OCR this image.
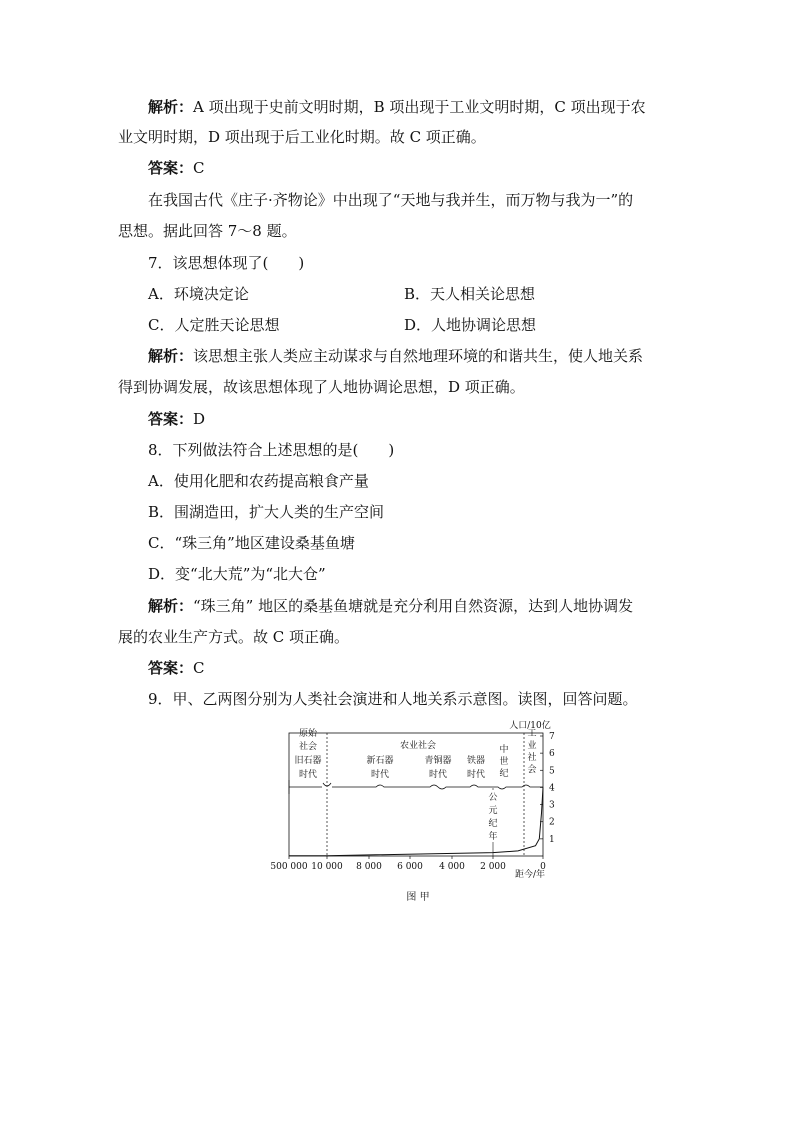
解析：A 项出现于史前文明时期，B 项出现于工业文明时期，C 项出现于农
业文明时期，D 项出现于后工业化时期。故 C 项正确。
答案：C
在我国古代《庄子·齐物论》中出现了“天地与我并生，而万物与我为一”的
思想。据此回答 7～8 题。
7．该思想体现了(　　)
A．环境决定论	B．天人相关论思想
C．人定胜天论思想	D．人地协调论思想
解析：该思想主张人类应主动谋求与自然地理环境的和谐共生，使人地关系
得到协调发展，故该思想体现了人地协调论思想，D 项正确。
答案：D
8．下列做法符合上述思想的是(　　)
A．使用化肥和农药提高粮食产量
B．围湖造田，扩大人类的生产空间
C．“珠三角”地区建设桑基鱼塘
D．变“北大荒”为“北大仓”
解析：“珠三角” 地区的桑基鱼塘就是充分利用自然资源，达到人地协调发
展的农业生产方式。故 C 项正确。
答案：C
9．甲、乙两图分别为人类社会演进和人地关系示意图。读图，回答问题。
原始
社会	农业社会
工
业
社
会
旧石器
时代
新石器
时代
青铜器
时代
铁器
时代
中
世
纪
公
元
纪
年
人口/10亿
1
2
3
4
5
6
7
500 000 10 000 8 000 6 000 4 000 2 000	0
距今/年
图 甲
